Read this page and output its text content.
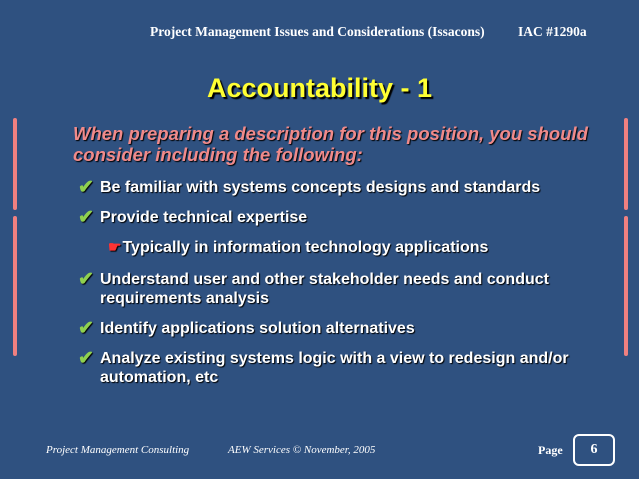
Project Management Issues and Considerations (Issacons) IAC #1290a
Accountability - 1
When preparing a description for this position, you should consider including the following:
✔ Be familiar with systems concepts designs and standards
✔ Provide technical expertise
☛Typically in information technology applications
✔ Understand user and other stakeholder needs and conduct requirements analysis
✔ Identify applications solution alternatives
✔ Analyze existing systems logic with a view to redesign and/or automation, etc
Project Management Consulting	AEW Services © November, 2005	Page	6
